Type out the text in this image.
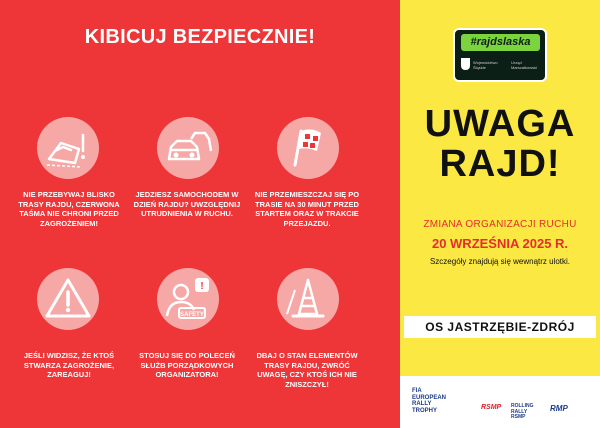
KIBICUJ BEZPIECZNIE!
NIE PRZEBYWAJ BLISKO TRASY RAJDU, CZERWONA TAŚMA NIE CHRONI PRZED ZAGROŻENIEM!
JEDZIESZ SAMOCHODEM W DZIEŃ RAJDU? UWZGLĘDNIJ UTRUDNIENIA W RUCHU.
NIE PRZEMIESZCZAJ SIĘ PO TRASIE NA 30 MINUT PRZED STARTEM ORAZ W TRAKCIE PRZEJAZDU.
SAFETY
!
JEŚLI WIDZISZ, ŻE KTOŚ STWARZA ZAGROŻENIE, ZAREAGUJ!
STOSUJ SIĘ DO POLECEŃ SŁUŻB PORZĄDKOWYCH ORGANIZATORA!
DBAJ O STAN ELEMENTÓW TRASY RAJDU, ZWRÓĆ UWAGĘ, CZY KTOŚ ICH NIE ZNISZCZYŁ!
#rajdslaska
Województwo Śląskie
Urząd Marszałkowski
UWAGA
RAJD!
ZMIANA ORGANIZACJI RUCHU
20 WRZEŚNIA 2025 R.
Szczegóły znajdują się wewnątrz ulotki.
OS JASTRZĘBIE-ZDRÓJ
FIA EUROPEAN RALLY TROPHY	RSMP ROLLING RALLY RSMP
RMP
